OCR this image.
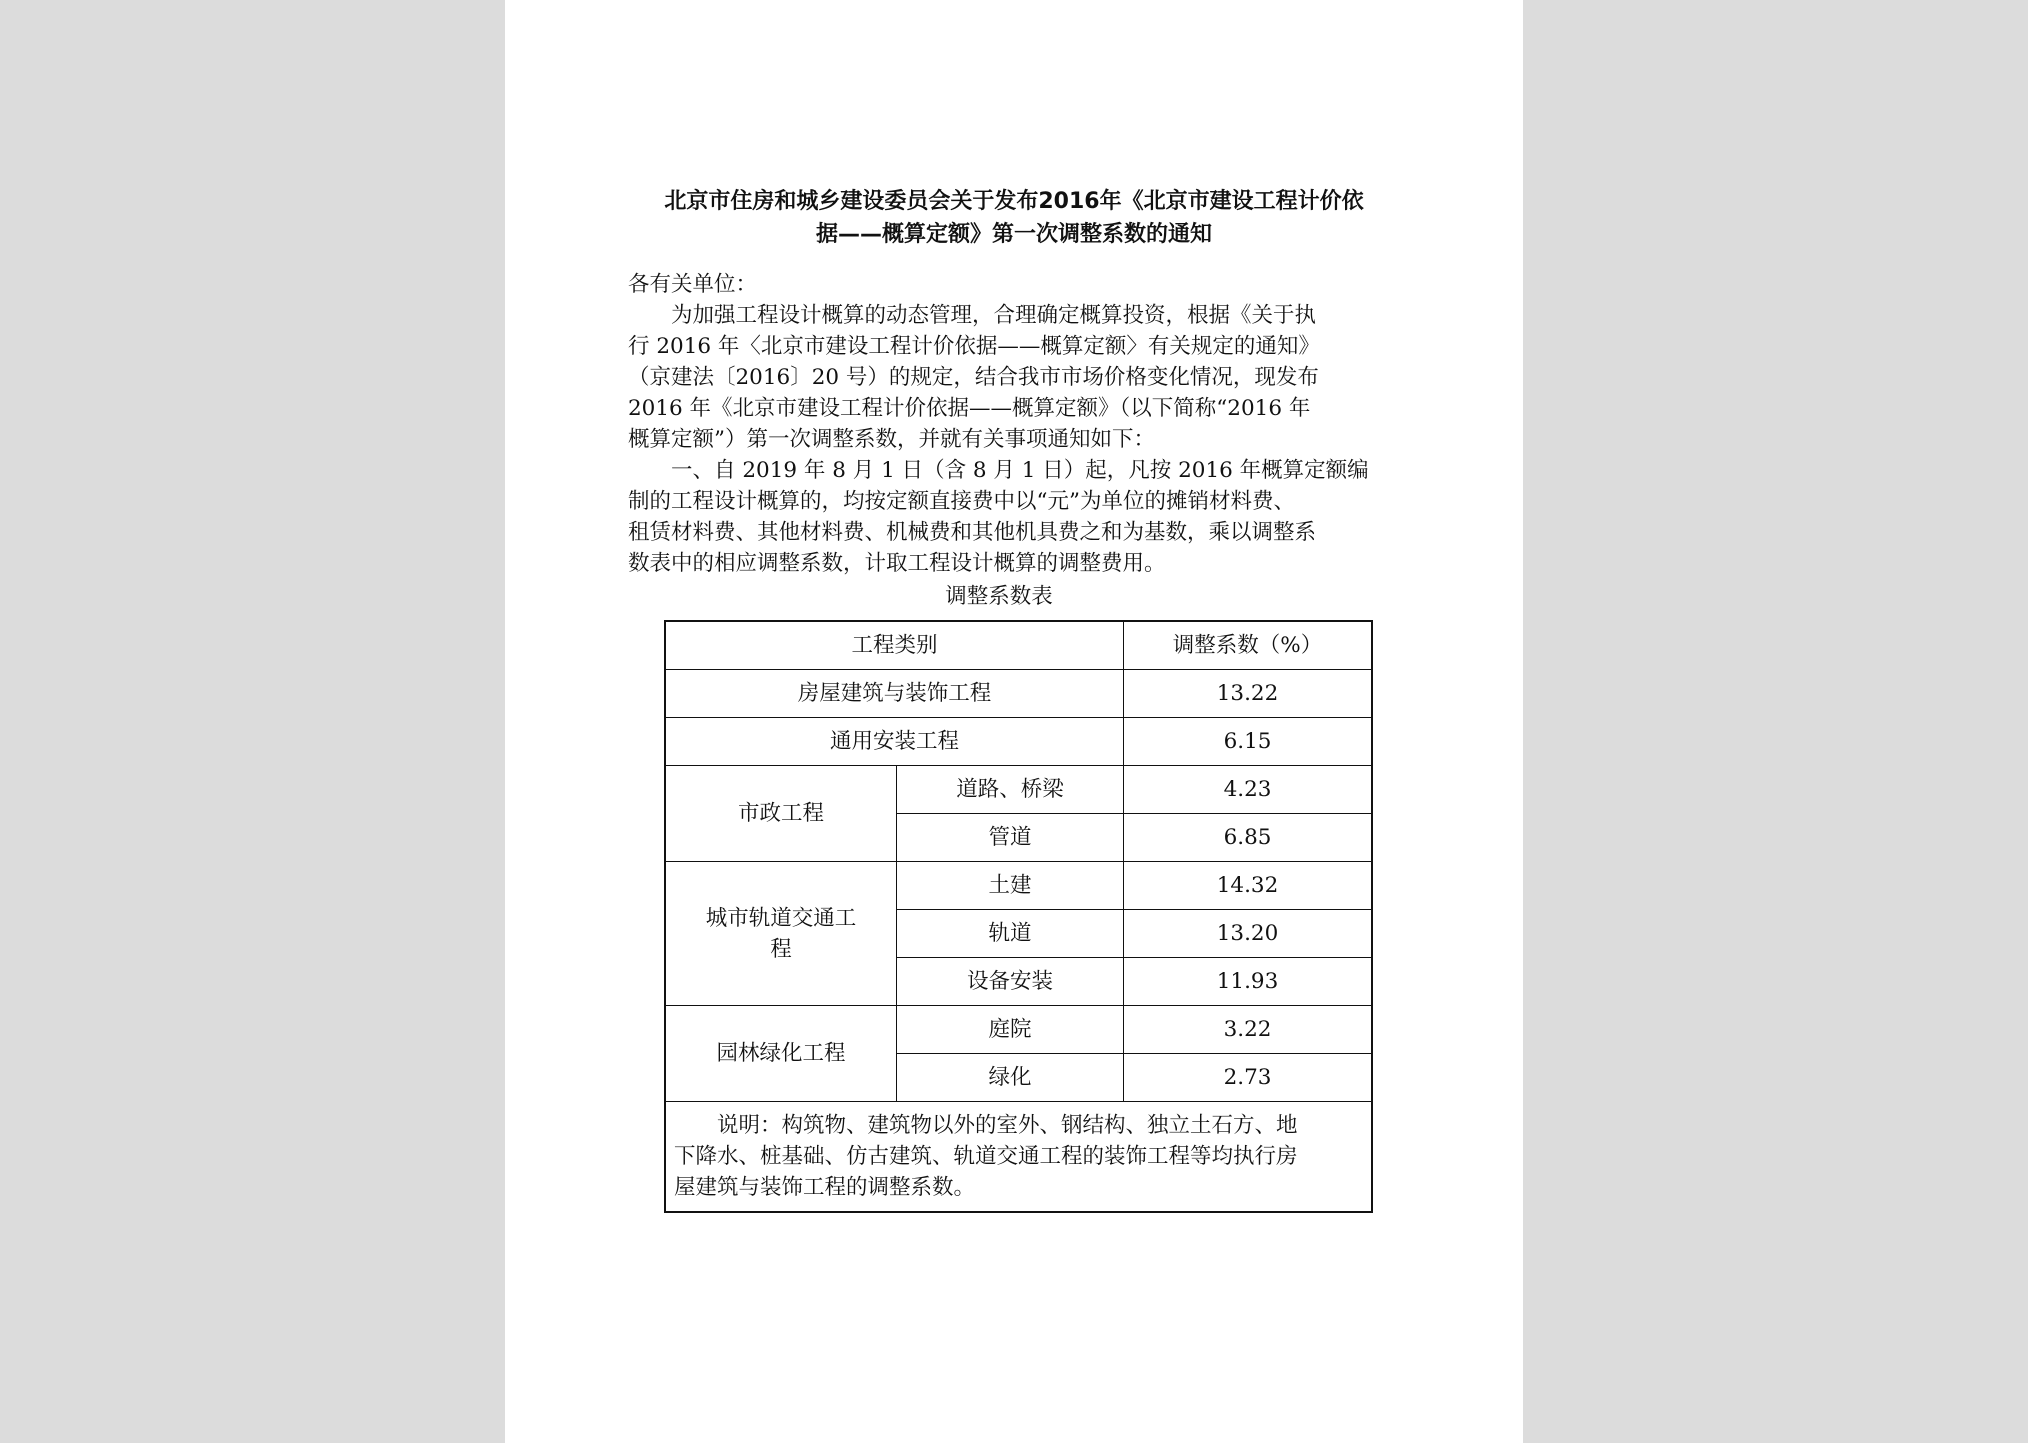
北京市住房和城乡建设委员会关于发布2016年《北京市建设工程计价依
据——概算定额》第一次调整系数的通知
各有关单位：
　　为加强工程设计概算的动态管理，合理确定概算投资，根据《关于执
行 2016 年〈北京市建设工程计价依据——概算定额〉有关规定的通知》
（京建法〔2016〕20 号）的规定，结合我市市场价格变化情况，现发布
2016 年《北京市建设工程计价依据——概算定额》（以下简称“2016 年
概算定额”）第一次调整系数，并就有关事项通知如下：
　　一、自 2019 年 8 月 1 日（含 8 月 1 日）起，凡按 2016 年概算定额编
制的工程设计概算的，均按定额直接费中以“元”为单位的摊销材料费、
租赁材料费、其他材料费、机械费和其他机具费之和为基数，乘以调整系
数表中的相应调整系数，计取工程设计概算的调整费用。
调整系数表
工程类别		调整系数（%）
房屋建筑与装饰工程		13.22
通用安装工程		6.15
市政工程	道路、桥梁	4.23
	管道	6.85

城市轨道交通工
程	土建	14.32
	轨道	13.20
	设备安装	11.93
园林绿化工程	庭院	3.22
	绿化	2.73

　　说明：构筑物、建筑物以外的室外、钢结构、独立土石方、地
下降水、桩基础、仿古建筑、轨道交通工程的装饰工程等均执行房
屋建筑与装饰工程的调整系数。		
